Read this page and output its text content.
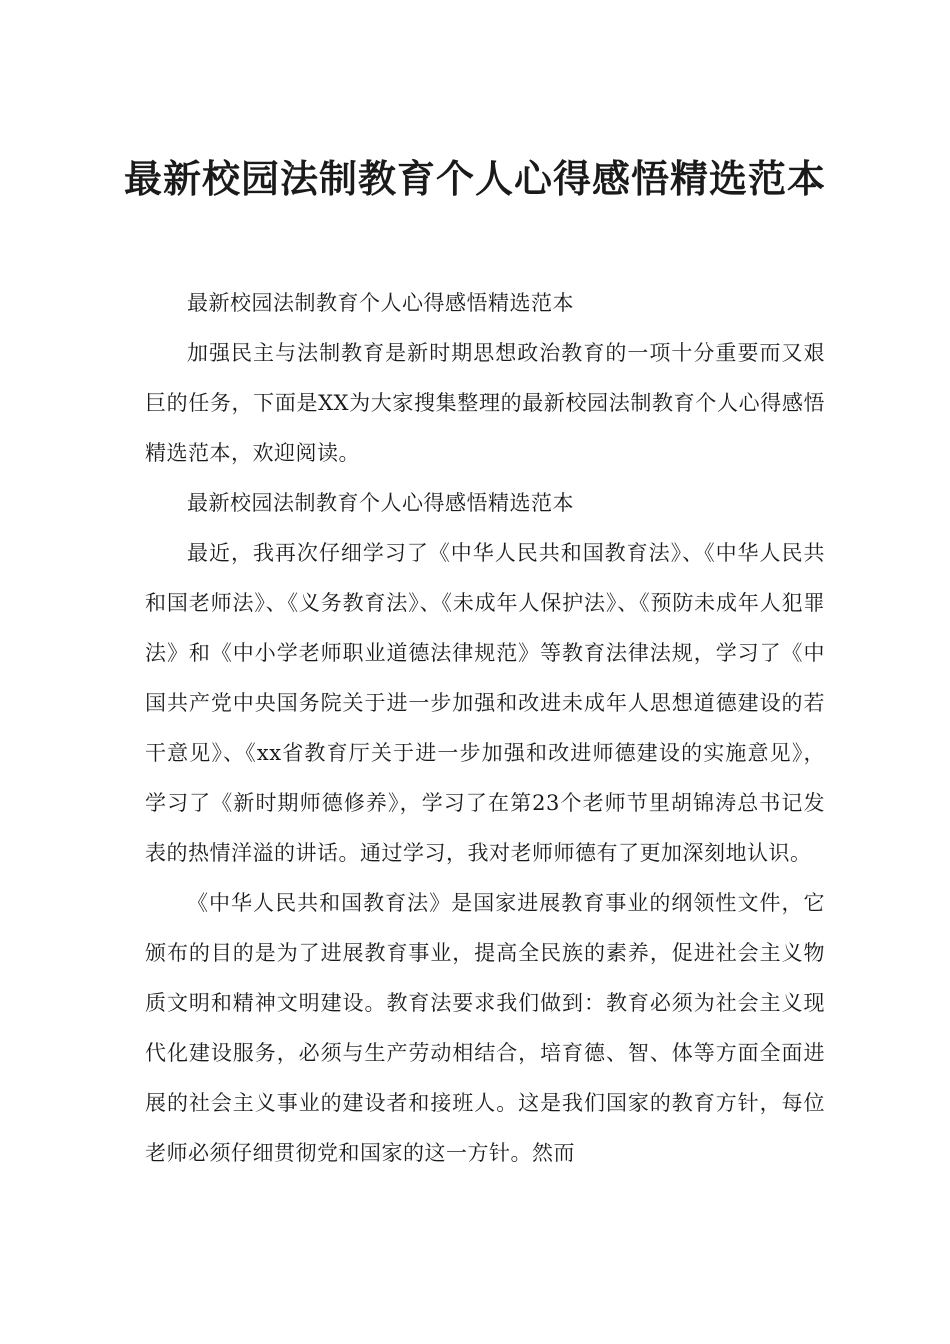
最新校园法制教育个人心得感悟精选范本

最新校园法制教育个人心得感悟精选范本

加强民主与法制教育是新时期思想政治教育的一项十分重要而又艰巨的任务，下面是XX为大家搜集整理的最新校园法制教育个人心得感悟精选范本，欢迎阅读。

最新校园法制教育个人心得感悟精选范本

最近，我再次仔细学习了《中华人民共和国教育法》、《中华人民共和国老师法》、《义务教育法》、《未成年人保护法》、《预防未成年人犯罪法》和《中小学老师职业道德法律规范》等教育法律法规，学习了《中国共产党中央国务院关于进一步加强和改进未成年人思想道德建设的若干意见》、《xx省教育厅关于进一步加强和改进师德建设的实施意见》，学习了《新时期师德修养》，学习了在第23个老师节里胡锦涛总书记发表的热情洋溢的讲话。通过学习，我对老师师德有了更加深刻地认识。

《中华人民共和国教育法》是国家进展教育事业的纲领性文件，它颁布的目的是为了进展教育事业，提高全民族的素养，促进社会主义物质文明和精神文明建设。教育法要求我们做到：教育必须为社会主义现代化建设服务，必须与生产劳动相结合，培育德、智、体等方面全面进展的社会主义事业的建设者和接班人。这是我们国家的教育方针，每位老师必须仔细贯彻党和国家的这一方针。然而
